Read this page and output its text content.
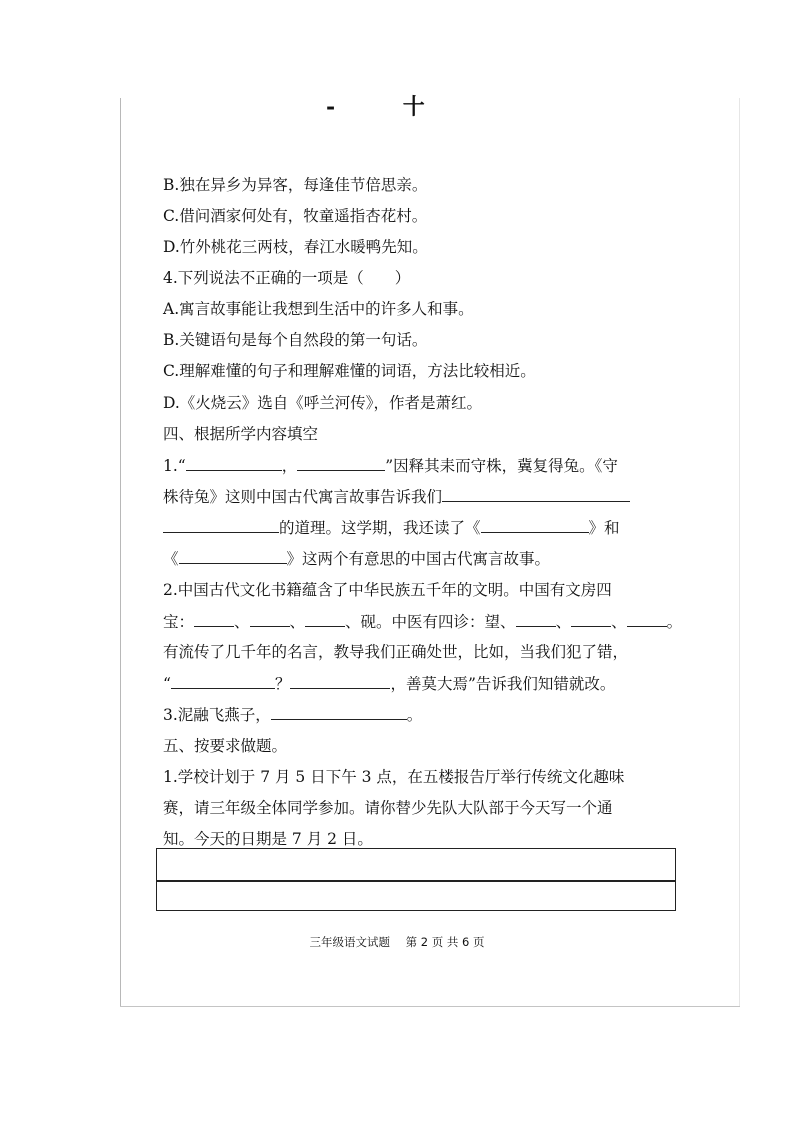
- 十
B.独在异乡为异客，每逢佳节倍思亲。
C.借问酒家何处有，牧童遥指杏花村。
D.竹外桃花三两枝，春江水暖鸭先知。
4.下列说法不正确的一项是（　　）
A.寓言故事能让我想到生活中的许多人和事。
B.关键语句是每个自然段的第一句话。
C.理解难懂的句子和理解难懂的词语，方法比较相近。
D.《火烧云》选自《呼兰河传》，作者是萧红。
四、根据所学内容填空
1.“	，	”因释其耒而守株，冀复得兔。《守
株待兔》这则中国古代寓言故事告诉我们
的道理。这学期，我还读了《	》和
《	》这两个有意思的中国古代寓言故事。
2.中国古代文化书籍蕴含了中华民族五千年的文明。中国有文房四
宝：	、	、	、砚。中医有四诊：望、	、	、	。
有流传了几千年的名言，教导我们正确处世，比如，当我们犯了错，
“	？	，善莫大焉”告诉我们知错就改。
3.泥融飞燕子，	。
五、按要求做题。
1.学校计划于 7 月 5 日下午 3 点，在五楼报告厅举行传统文化趣味
赛，请三年级全体同学参加。请你替少先队大队部于今天写一个通
知。今天的日期是 7 月 2 日。
三年级语文试题 第 2 页 共 6 页
